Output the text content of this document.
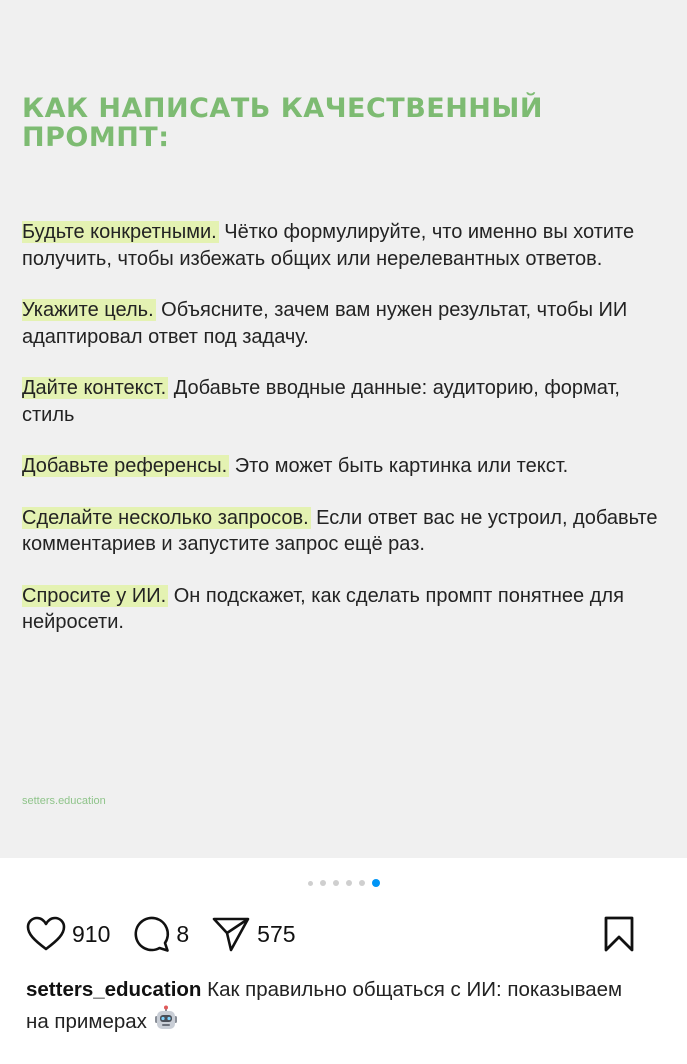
КАК НАПИСАТЬ КАЧЕСТВЕННЫЙ
ПРОМПТ:

Будьте конкретными. Чётко формулируйте, что именно вы хотите получить, чтобы избежать общих или нерелевантных ответов.

Укажите цель. Объясните, зачем вам нужен результат, чтобы ИИ адаптировал ответ под задачу.

Дайте контекст. Добавьте вводные данные: аудиторию, формат, стиль

Добавьте референсы. Это может быть картинка или текст.

Сделайте несколько запросов. Если ответ вас не устроил, добавьте комментариев и запустите запрос ещё раз.

Спросите у ИИ. Он подскажет, как сделать промпт понятнее для нейросети.

setters.education
910	8	575
setters_education Как правильно общаться с ИИ: показываем на примерах
